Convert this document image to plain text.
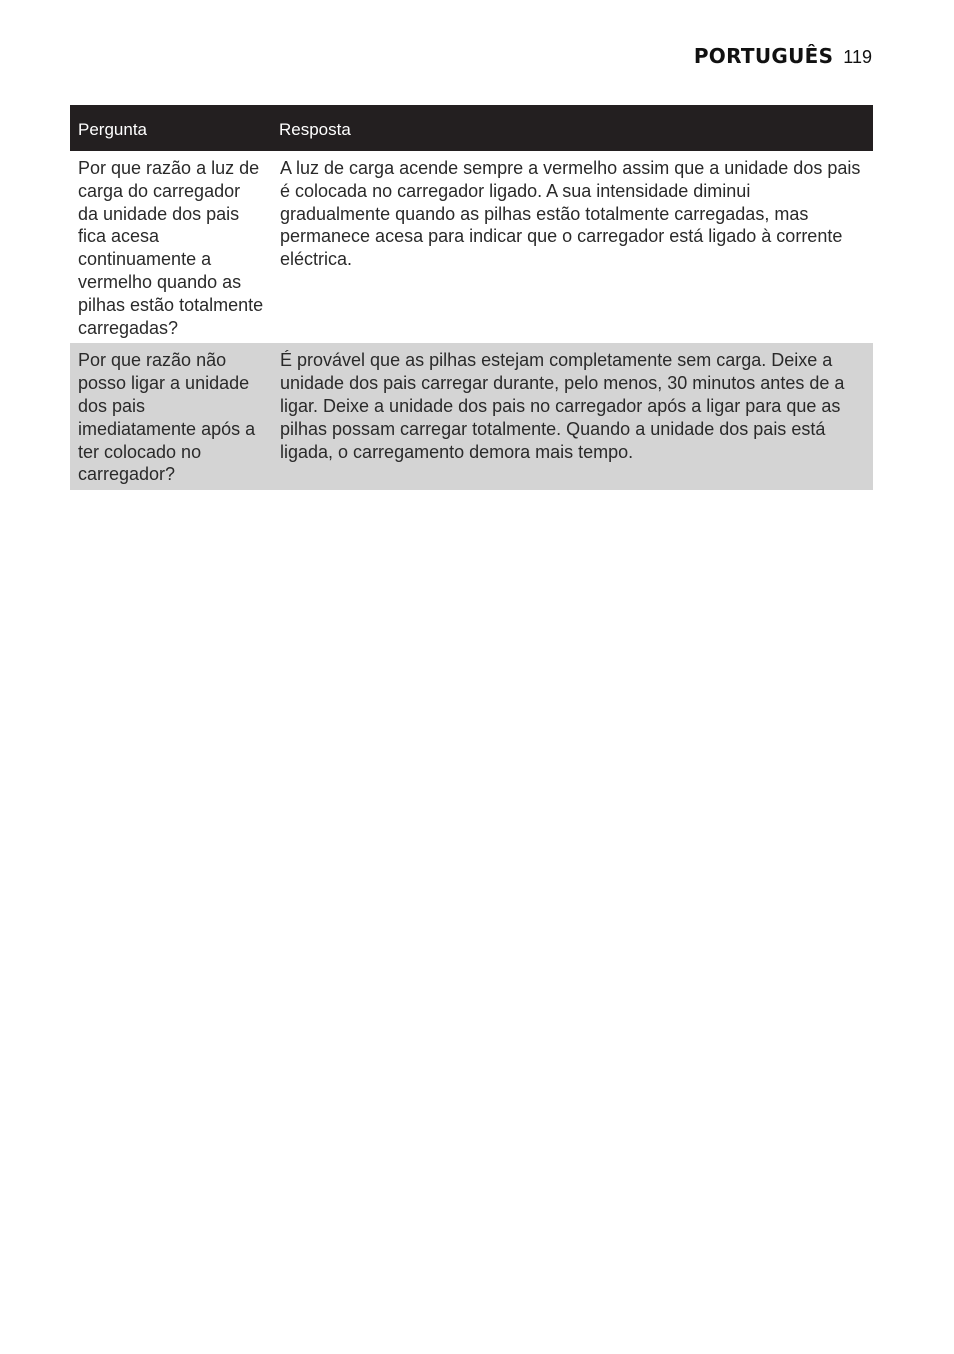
PORTUGUÊS 119
Pergunta	Resposta
Por que razão a luz de carga do carregador da unidade dos pais fica acesa continuamente a vermelho quando as pilhas estão totalmente carregadas?	A luz de carga acende sempre a vermelho assim que a unidade dos pais é colocada no carregador ligado. A sua intensidade diminui gradualmente quando as pilhas estão totalmente carregadas, mas permanece acesa para indicar que o carregador está ligado à corrente eléctrica.
Por que razão não posso ligar a unidade dos pais imediatamente após a ter colocado no carregador?	É provável que as pilhas estejam completamente sem carga. Deixe a unidade dos pais carregar durante, pelo menos, 30 minutos antes de a ligar. Deixe a unidade dos pais no carregador após a ligar para que as pilhas possam carregar totalmente. Quando a unidade dos pais está ligada, o carregamento demora mais tempo.
